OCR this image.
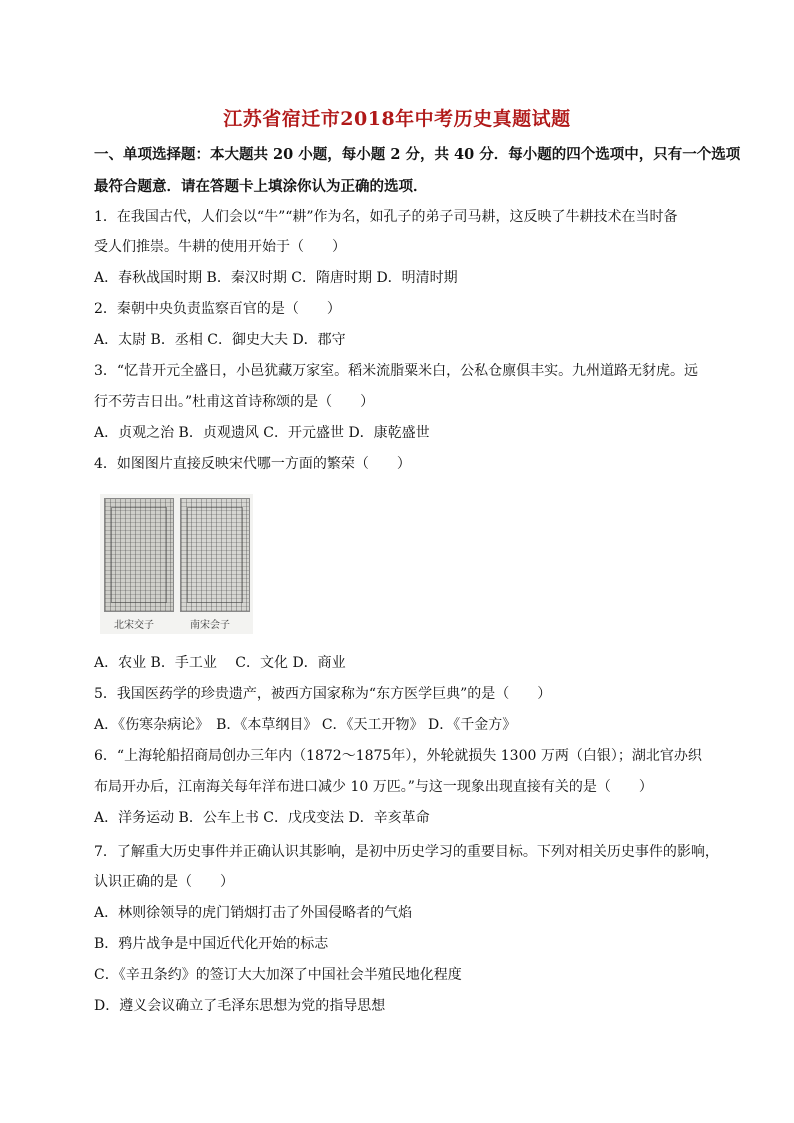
江苏省宿迁市2018年中考历史真题试题
一、单项选择题：本大题共 20 小题，每小题 2 分，共 40 分．每小题的四个选项中，只有一个选项
最符合题意．请在答题卡上填涂你认为正确的选项．
1．在我国古代，人们会以“牛”“耕”作为名，如孔子的弟子司马耕，这反映了牛耕技术在当时备
受人们推崇。牛耕的使用开始于（　　）
A．春秋战国时期 B．秦汉时期 C．隋唐时期 D．明清时期
2．秦朝中央负责监察百官的是（　　）
A．太尉 B．丞相 C．御史大夫 D．郡守
3．“忆昔开元全盛日，小邑犹藏万家室。稻米流脂粟米白，公私仓廪俱丰实。九州道路无豺虎。远
行不劳吉日出。”杜甫这首诗称颂的是（　　）
A．贞观之治 B．贞观遗风 C．开元盛世 D．康乾盛世
4．如图图片直接反映宋代哪一方面的繁荣（　　）
北宋交子	南宋会子
A．农业 B．手工业　 C．文化 D．商业
5．我国医药学的珍贵遗产，被西方国家称为“东方医学巨典”的是（　　）
A．《伤寒杂病论》　B．《本草纲目》 C．《天工开物》 D．《千金方》
6．“上海轮船招商局创办三年内（1872～1875年），外轮就损失 1300 万两（白银）；湖北官办织
布局开办后，江南海关每年洋布进口减少 10 万匹。”与这一现象出现直接有关的是（　　）
A．洋务运动 B．公车上书 C．戊戌变法 D．辛亥革命
7．了解重大历史事件并正确认识其影响，是初中历史学习的重要目标。下列对相关历史事件的影响，
认识正确的是（　　）
A．林则徐领导的虎门销烟打击了外国侵略者的气焰
B．鸦片战争是中国近代化开始的标志
C．《辛丑条约》的签订大大加深了中国社会半殖民地化程度
D．遵义会议确立了毛泽东思想为党的指导思想
